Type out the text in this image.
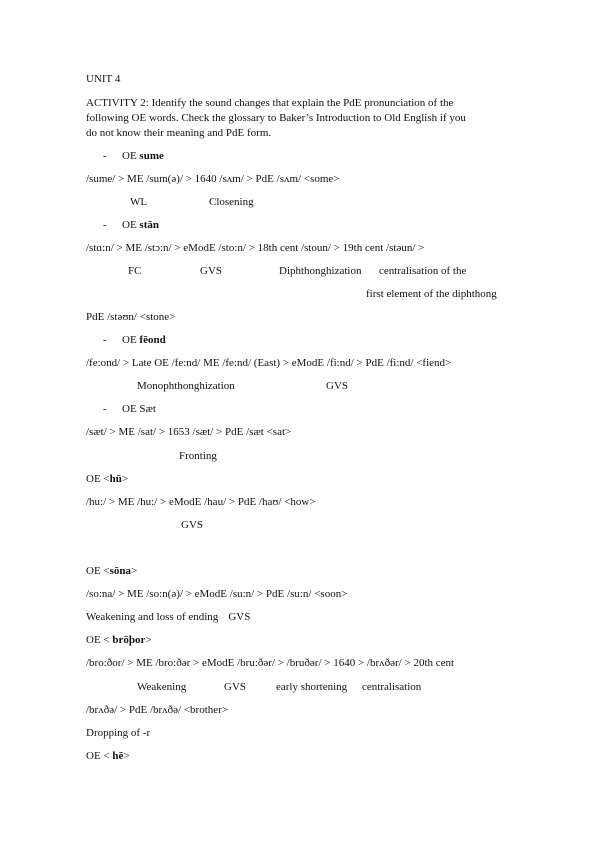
UNIT 4
ACTIVITY 2: Identify the sound changes that explain the PdE pronunciation of the
following OE words. Check the glossary to Baker’s Introduction to Old English if you
do not know their meaning and PdE form.
- OE sume
/sume/ > ME /sum(ə)/ > 1640 /sʌm/ > PdE /sʌm/ <some>
WL	Closening
- OE stān
/stɑ:n/ > ME /stɔ:n/ > eModE /sto:n/ > 18th cent /stoun/ > 19th cent /stəun/ >
FC	GVS	Diphthonghization centralisation of the
first element of the diphthong
PdE /stəʊn/ <stone>
- OE fēond
/fe:ond/ > Late OE /fe:nd/ ME /fe:nd/ (East) > eModE /fi:nd/ > PdE /fi:nd/ <fiend>
Monophthonghization	GVS
- OE Sæt
/sæt/ > ME /sat/ > 1653 /sæt/ > PdE /sæt <sat>
Fronting
OE <hū>
/hu:/ > ME /hu:/ > eModE /hau/ > PdE /haʊ/ <how>
GVS
OE <sōna>
/so:na/ > ME /so:n(ə)/ > eModE /su:n/ > PdE /su:n/ <soon>
Weakening and loss of ending GVS
OE < brōþor>
/bro:ðor/ > ME /bro:ðər > eModE /bru:ðər/ > /bruðər/ > 1640 > /brʌðər/ > 20th cent
Weakening	GVS	early shortening centralisation
/brʌðə/ > PdE /brʌðə/ <brother>
Dropping of -r
OE < hē>
